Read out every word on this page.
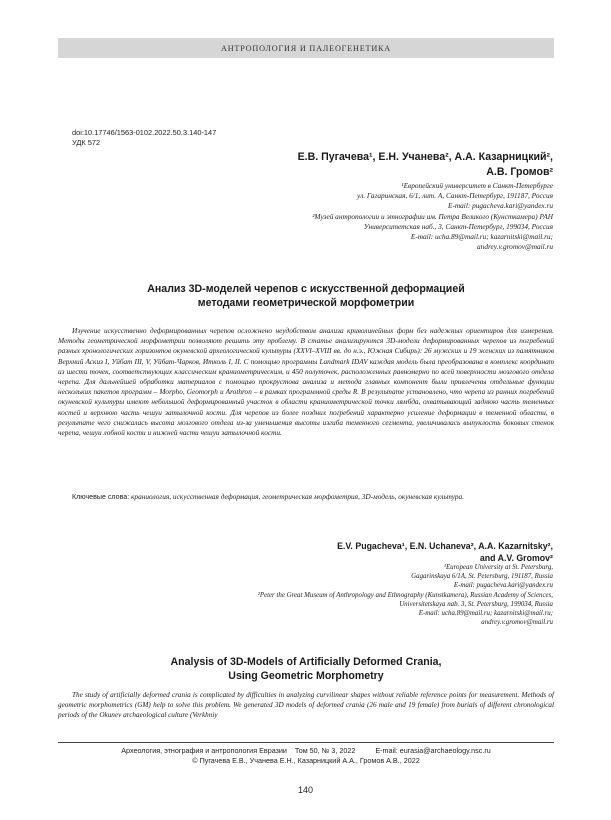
АНТРОПОЛОГИЯ И ПАЛЕОГЕНЕТИКА
doi:10.17746/1563-0102.2022.50.3.140-147
УДК 572
Е.В. Пугачева¹, Е.Н. Учанева², А.А. Казарницкий²,
А.В. Громов²
¹Европейский университет в Санкт-Петербурге
ул. Гагаринская, 6/1, лит. А, Санкт-Петербург, 191187, Россия
E-mail: pugacheva.kari@yandex.ru
²Музей антропологии и этнографии им. Петра Великого (Кунсткамера) РАН
Университетская наб., 3, Санкт-Петербург, 199034, Россия
E-mail: ucha.89@mail.ru; kazarnitski@mail.ru;
andrey.v.gromov@mail.ru
Анализ 3D-моделей черепов с искусственной деформацией
методами геометрической морфометрии

Изучение искусственно деформированных черепов осложнено неудобством анализа криволинейных форм без надежных ориентиров для измерения. Методы геометрической морфометрии позволяют решить эту проблему. В статье анализируются 3D-модели деформированных черепов из погребений разных хронологических горизонтов окуневской археологической культуры (XXVI–XVIII вв. до н.э., Южная Сибирь): 26 мужских и 19 женских из памятников Верхний Аскиз I, Уйбат III, V, Уйбат-Чарков, Итколь I, II. С помощью программы Landmark IDAV каждая модель была преобразована в комплекс координат из шести точек, соответствующих классическим краниометрическим, и 450 полуточек, расположенных равномерно по всей поверхности мозгового отдела черепа. Для дальнейшей обработки материалов с помощью прокрустова анализа и метода главных компонент были привлечены отдельные функции нескольких пакетов программ – Morpho, Geomorph и Arothron – в рамках программной среды R. В результате установлено, что черепа из ранних погребений окуневской культуры имеют небольшой деформированный участок в области краниометрической точки лямбда, охватывающий заднюю часть теменных костей и верхнюю часть чешуи затылочной кости. Для черепов из более поздних погребений характерно усиление деформации в теменной области, в результате чего снижалась высота мозгового отдела из-за уменьшения высоты изгиба теменного сегмента, увеличивалась выпуклость боковых стенок черепа, чешуи лобной кости и нижней части чешуи затылочной кости.

Ключевые слова: краниология, искусственная деформация, геометрическая морфометрия, 3D-модель, окуневская культура.

E.V. Pugacheva¹, E.N. Uchaneva², A.A. Kazarnitsky²,
and A.V. Gromov²
¹European University at St. Petersburg,
Gagarinskaya 6/1A, St. Petersburg, 191187, Russia
E-mail: pugacheva.kari@yandex.ru
²Peter the Great Museum of Anthropology and Ethnography (Kunstkamera), Russian Academy of Sciences,
Universitetskaya nab. 3, St. Petersburg, 199034, Russia
E-mail: ucha.89@mail.ru; kazarnitski@mail.ru;
andrey.v.gromov@mail.ru
Analysis of 3D-Models of Artificially Deformed Crania,
Using Geometric Morphometry

The study of artificially deformed crania is complicated by difficulties in analyzing curvilinear shapes without reliable reference points for measurement. Methods of geometric morphometrics (GM) help to solve this problem. We generated 3D models of deformed crania (26 male and 19 female) from burials of different chronological periods of the Okunev archaeological culture (Verkhniy

Археология, этнография и антропология Евразии    Том 50, № 3, 2022          E-mail: eurasia@archaeology.nsc.ru
© Пугачева Е.В., Учанева Е.Н., Казарницкий А.А., Громов А.В., 2022
140
